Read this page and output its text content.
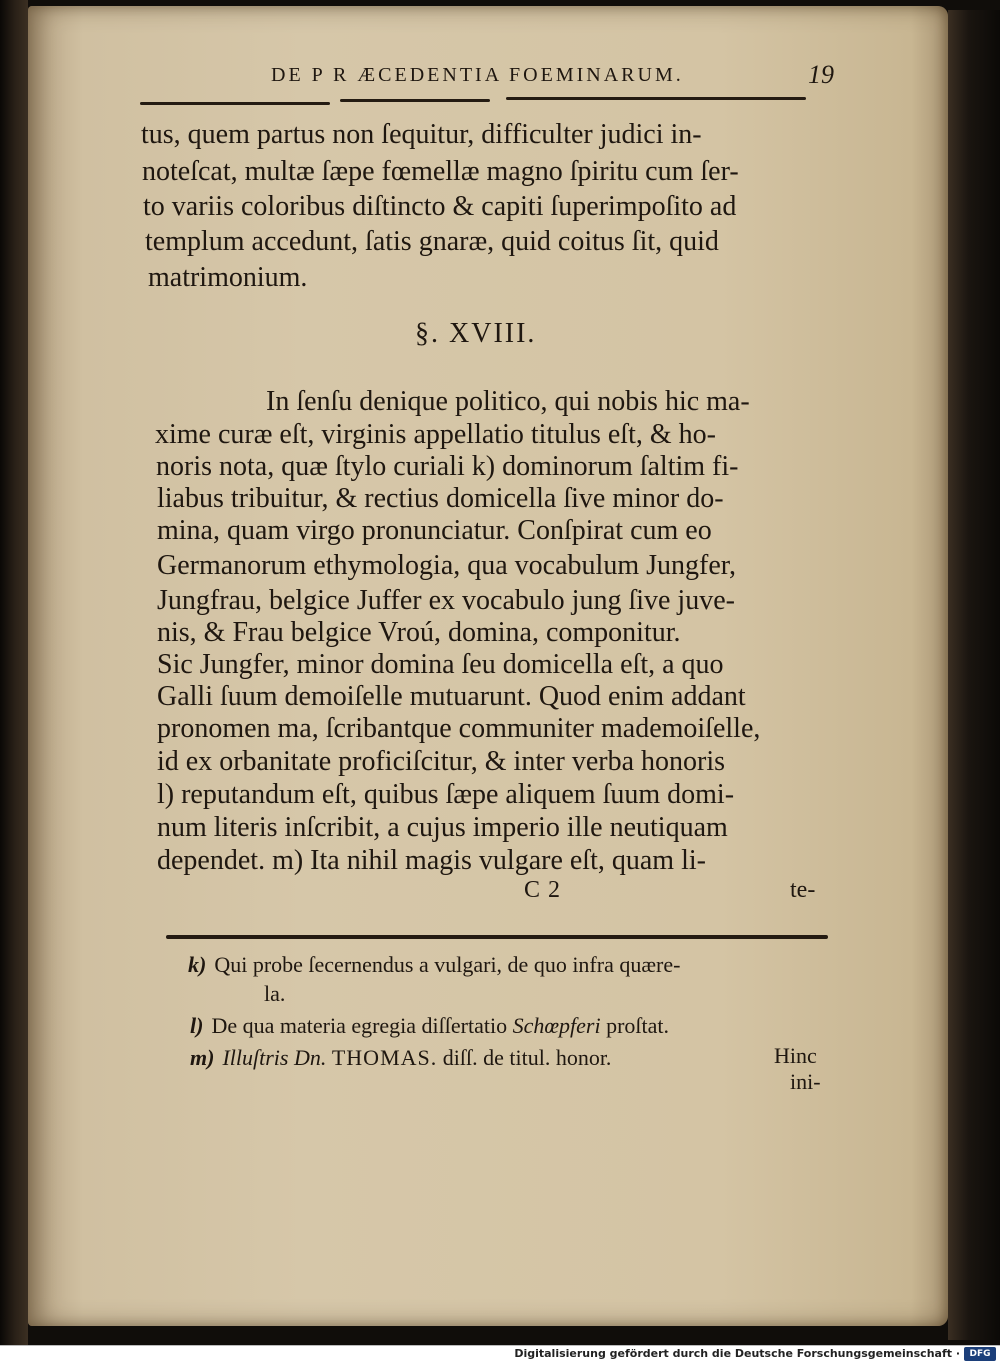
DE P R ÆCEDENTIA FOEMINARUM.	19
tus, quem partus non ſequitur, difficulter judici in-
noteſcat, multæ ſæpe fœmellæ magno ſpiritu cum ſer-
to variis coloribus diſtincto & capiti ſuperimpoſito ad
templum accedunt, ſatis gnaræ, quid coitus ſit, quid
matrimonium.
§. XVIII.
In ſenſu denique politico, qui nobis hic ma-
xime curæ eſt, virginis appellatio titulus eſt, & ho-
noris nota, quæ ſtylo curiali k) dominorum ſaltim fi-
liabus tribuitur, & rectius domicella ſive minor do-
mina, quam virgo pronunciatur. Conſpirat cum eo
Germanorum ethymologia, qua vocabulum Jungfer,
Jungfrau, belgice Juffer ex vocabulo jung ſive juve-
nis, & Frau belgice Vroú, domina, componitur.
Sic Jungfer, minor domina ſeu domicella eſt, a quo
Galli ſuum demoiſelle mutuarunt. Quod enim addant
pronomen ma, ſcribantque communiter mademoiſelle,
id ex orbanitate proficiſcitur, & inter verba honoris
l) reputandum eſt, quibus ſæpe aliquem ſuum domi-
num literis inſcribit, a cujus imperio ille neutiquam
dependet. m) Ita nihil magis vulgare eſt, quam li-
C 2	te-
k) Qui probe ſecernendus a vulgari, de quo infra quære-
la.
l) De qua materia egregia diſſertatio Schœpferi proſtat.
m) Illuſtris Dn. THOMAS. diſſ. de titul. honor.	Hinc
ini-
Digitalisierung gefördert durch die Deutsche Forschungsgemeinschaft ·	DFG
